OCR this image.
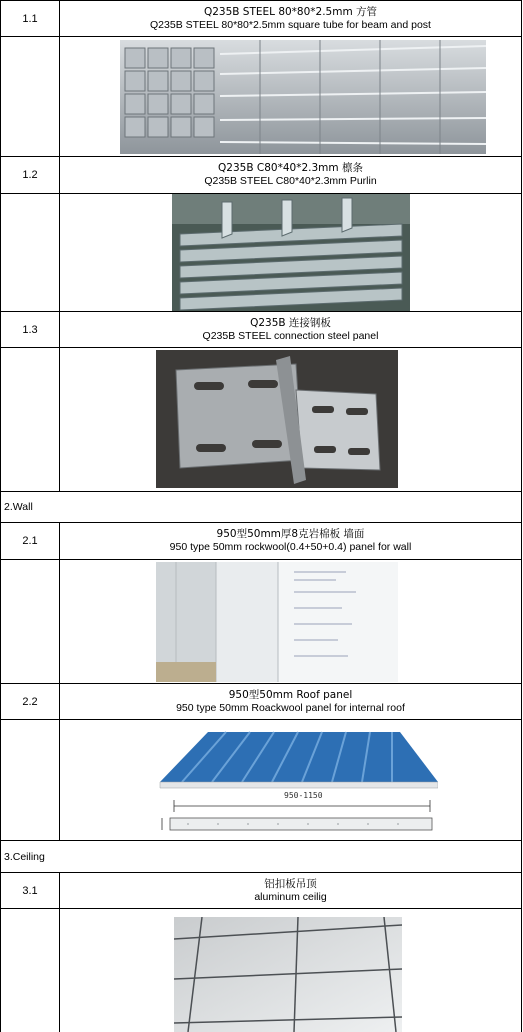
1.1
Q235B STEEL 80*80*2.5mm 方管
Q235B STEEL 80*80*2.5mm square tube for beam and post
1.2
Q235B C80*40*2.3mm 檩条
Q235B STEEL C80*40*2.3mm Purlin
1.3
Q235B 连接钢板
Q235B STEEL connection steel panel
2.Wall
2.1
950型50mm厚8克岩棉板 墙面
950 type 50mm rockwool(0.4+50+0.4) panel for wall
2.2
950型50mm Roof panel
950 type 50mm Roackwool panel for internal roof
950-1150
3.Ceiling
3.1
铝扣板吊顶
aluminum ceilig
